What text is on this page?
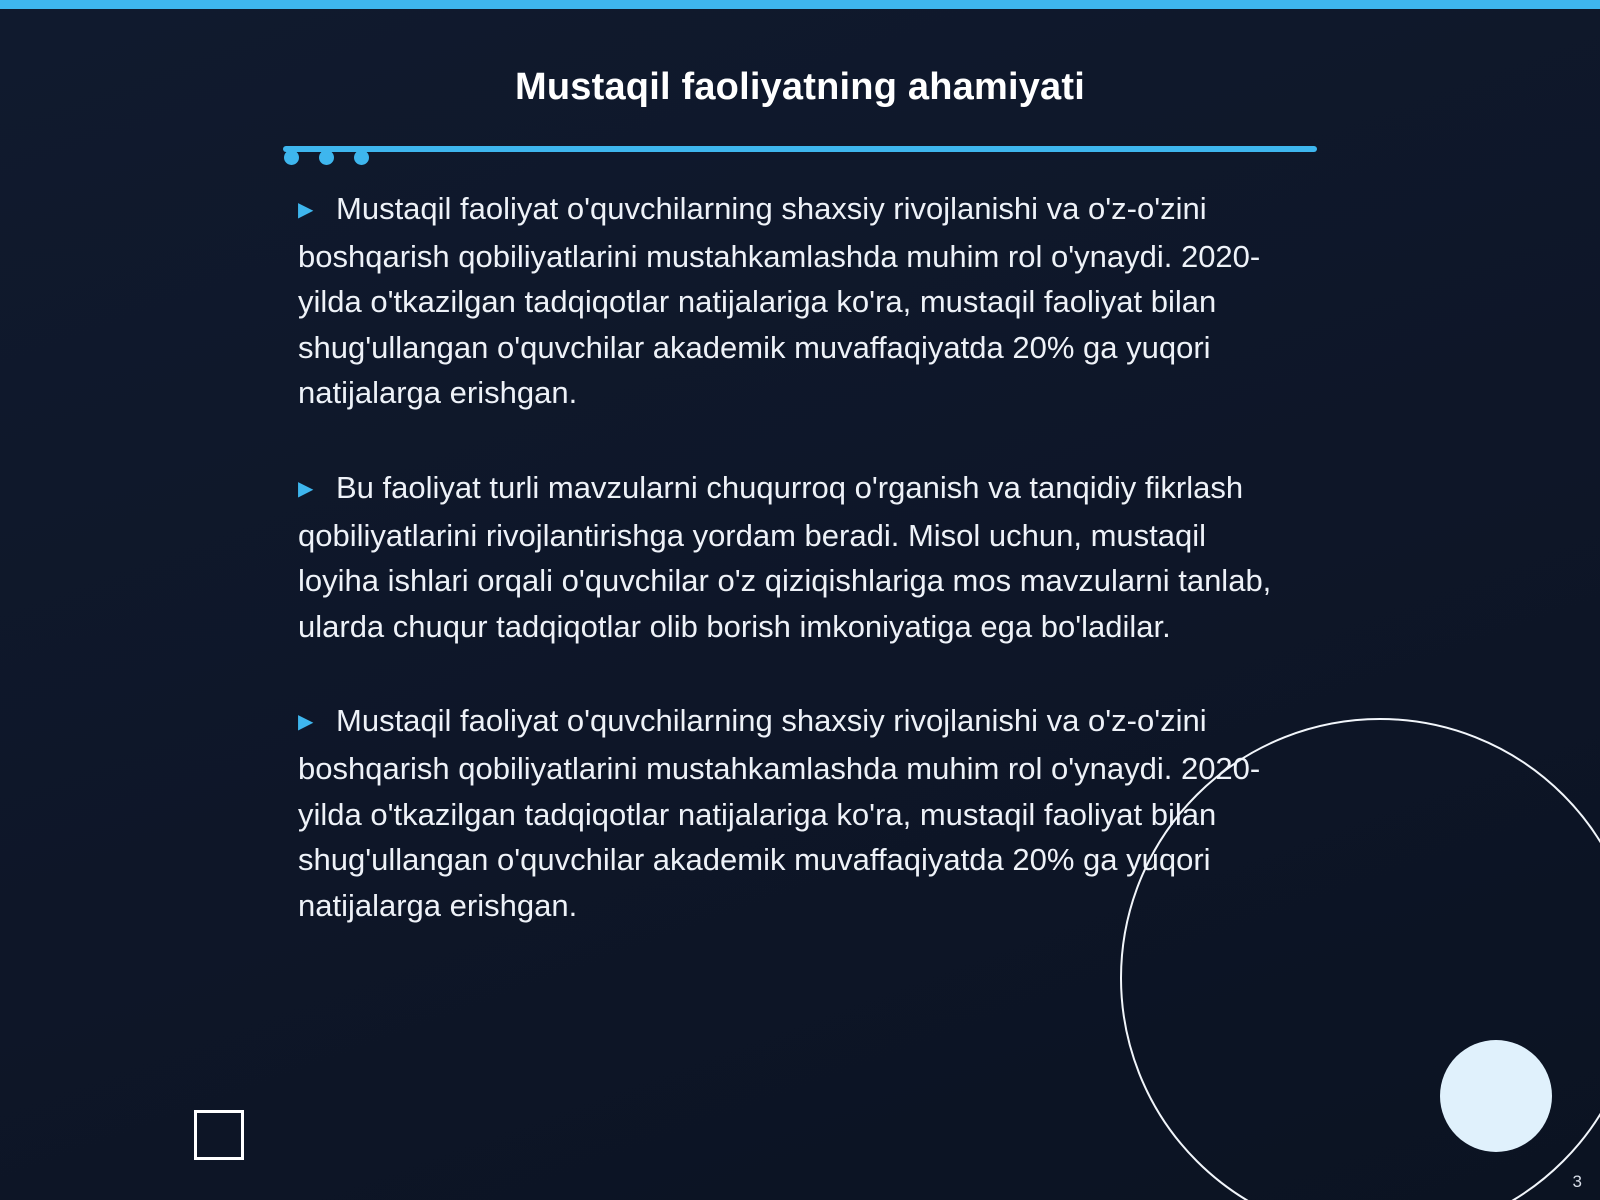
Mustaqil faoliyatning ahamiyati

▶ Mustaqil faoliyat o'quvchilarning shaxsiy rivojlanishi va o'z-o'zini boshqarish qobiliyatlarini mustahkamlashda muhim rol o'ynaydi. 2020-yilda o'tkazilgan tadqiqotlar natijalariga ko'ra, mustaqil faoliyat bilan shug'ullangan o'quvchilar akademik muvaffaqiyatda 20% ga yuqori natijalarga erishgan.

▶ Bu faoliyat turli mavzularni chuqurroq o'rganish va tanqidiy fikrlash qobiliyatlarini rivojlantirishga yordam beradi. Misol uchun, mustaqil loyiha ishlari orqali o'quvchilar o'z qiziqishlariga mos mavzularni tanlab, ularda chuqur tadqiqotlar olib borish imkoniyatiga ega bo'ladilar.

▶ Mustaqil faoliyat o'quvchilarning shaxsiy rivojlanishi va o'z-o'zini boshqarish qobiliyatlarini mustahkamlashda muhim rol o'ynaydi. 2020-yilda o'tkazilgan tadqiqotlar natijalariga ko'ra, mustaqil faoliyat bilan shug'ullangan o'quvchilar akademik muvaffaqiyatda 20% ga yuqori natijalarga erishgan.

3
